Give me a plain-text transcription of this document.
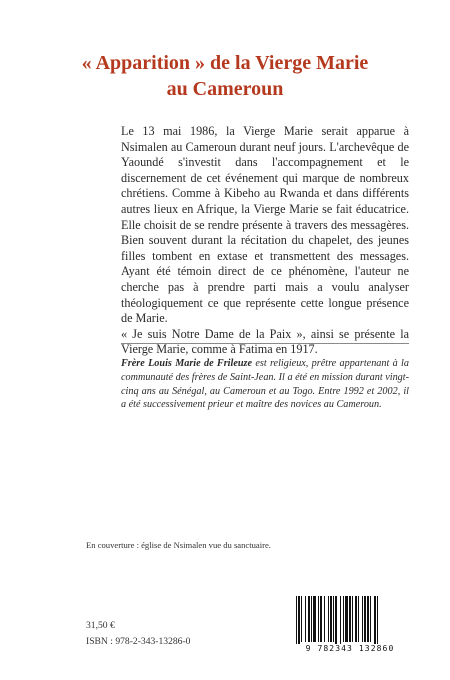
« Apparition » de la Vierge Marie
au Cameroun

Le 13 mai 1986, la Vierge Marie serait apparue à Nsimalen au Cameroun durant neuf jours. L'archevêque de Yaoundé s'investit dans l'accompagnement et le discernement de cet événement qui marque de nombreux chrétiens. Comme à Kibeho au Rwanda et dans différents autres lieux en Afrique, la Vierge Marie se fait éducatrice. Elle choisit de se rendre présente à travers des messagères. Bien souvent durant la récitation du chapelet, des jeunes filles tombent en extase et transmettent des messages. Ayant été témoin direct de ce phénomène, l'auteur ne cherche pas à prendre parti mais a voulu analyser théologiquement ce que représente cette longue présence de Marie.

« Je suis Notre Dame de la Paix », ainsi se présente la Vierge Marie, comme à Fatima en 1917.

Frère Louis Marie de Frileuze est religieux, prêtre appartenant à la communauté des frères de Saint-Jean. Il a été en mission durant vingt-cinq ans au Sénégal, au Cameroun et au Togo. Entre 1992 et 2002, il a été successivement prieur et maître des novices au Cameroun.

En couverture : église de Nsimalen vue du sanctuaire.

31,50 €

ISBN : 978-2-343-13286-0

9 782343 132860
